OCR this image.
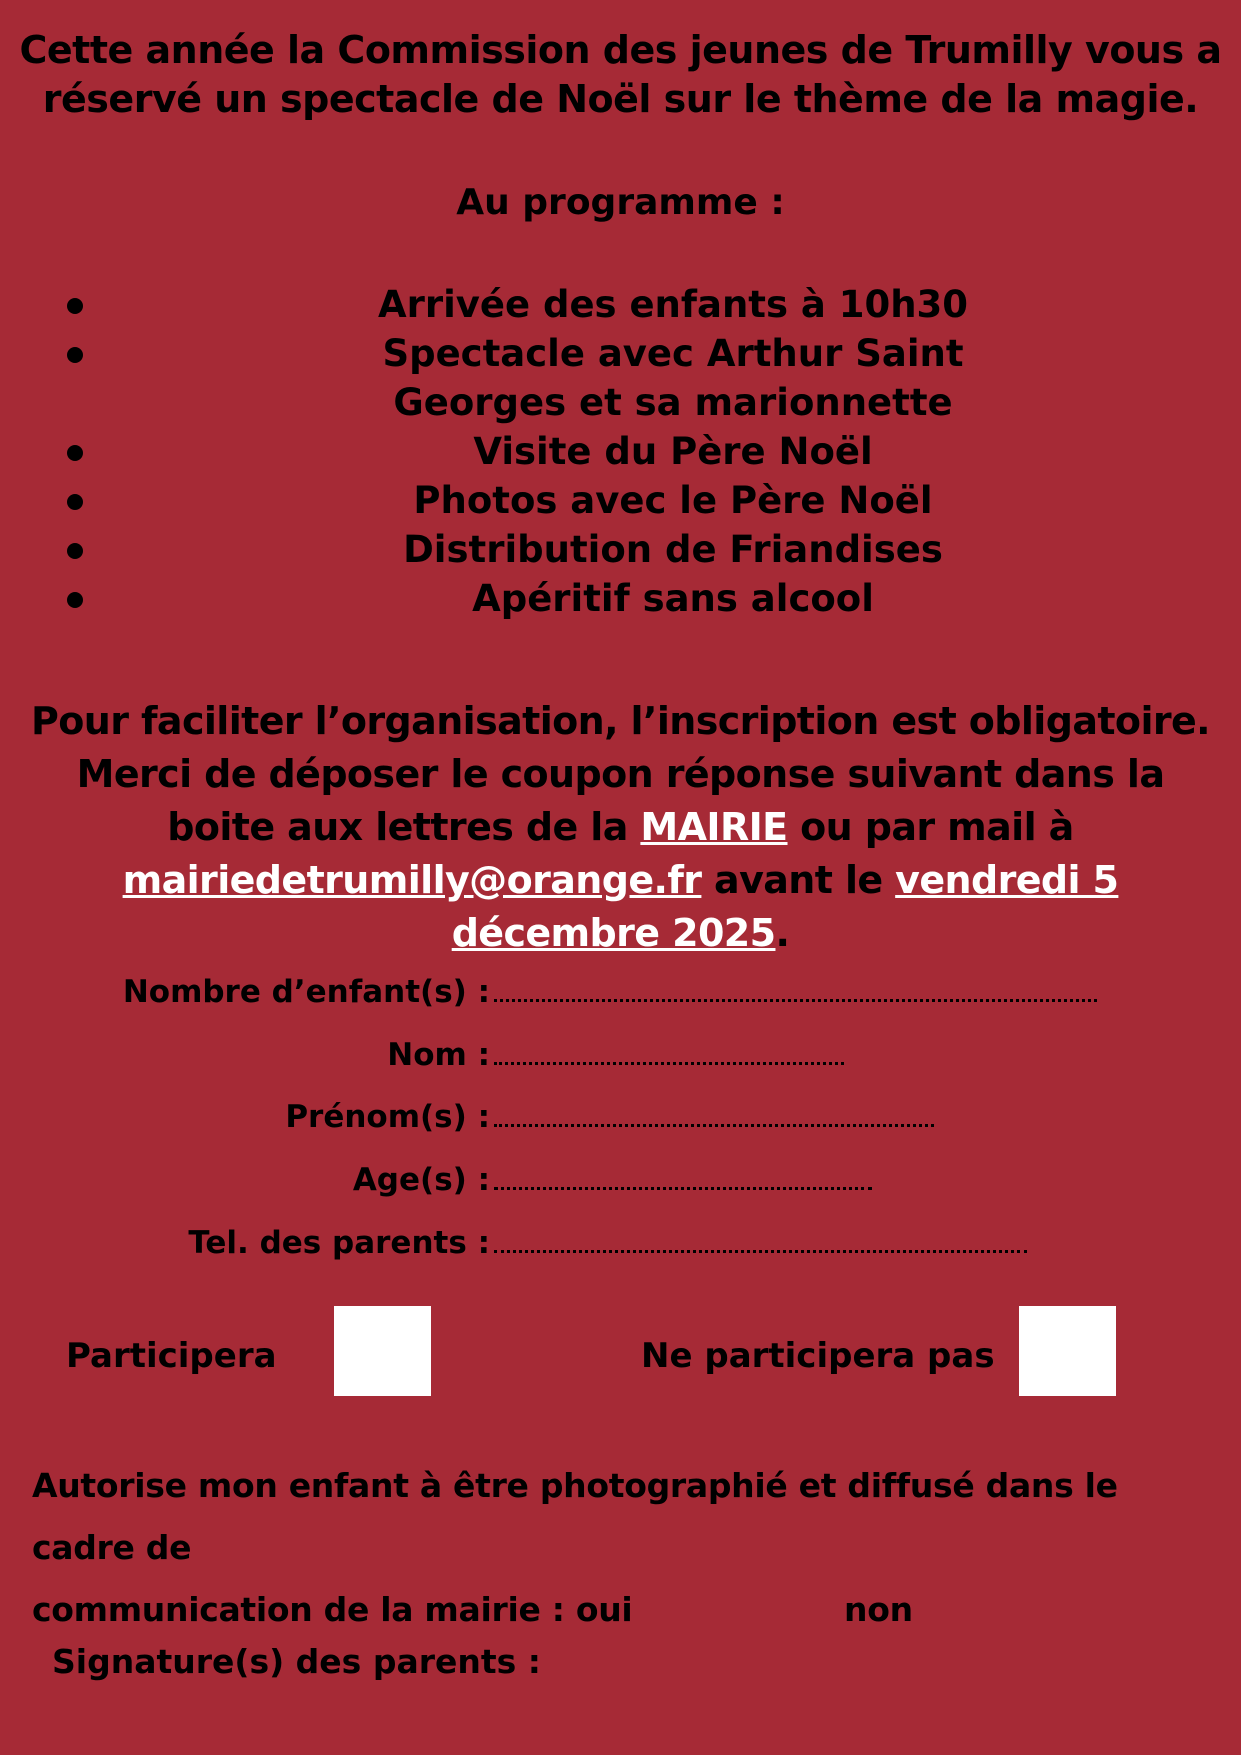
Cette année la Commission des jeunes de Trumilly vous a
réservé un spectacle de Noël sur le thème de la magie.
Au programme :
Arrivée des enfants à 10h30
Spectacle avec Arthur Saint Georges et sa marionnette
Visite du Père Noël
Photos avec le Père Noël
Distribution de Friandises
Apéritif sans alcool
Pour faciliter l’organisation, l’inscription est obligatoire.
Merci de déposer le coupon réponse suivant dans la
boite aux lettres de la MAIRIE ou par mail à
mairiedetrumilly@orange.fr avant le vendredi 5
décembre 2025.
Nombre d’enfant(s) :
Nom :
Prénom(s) :
Age(s) :
Tel. des parents :
Participera	Ne participera pas
Autorise mon enfant à être photographié et diffusé dans le cadre de
communication de la mairie : oui	non
Signature(s) des parents :
